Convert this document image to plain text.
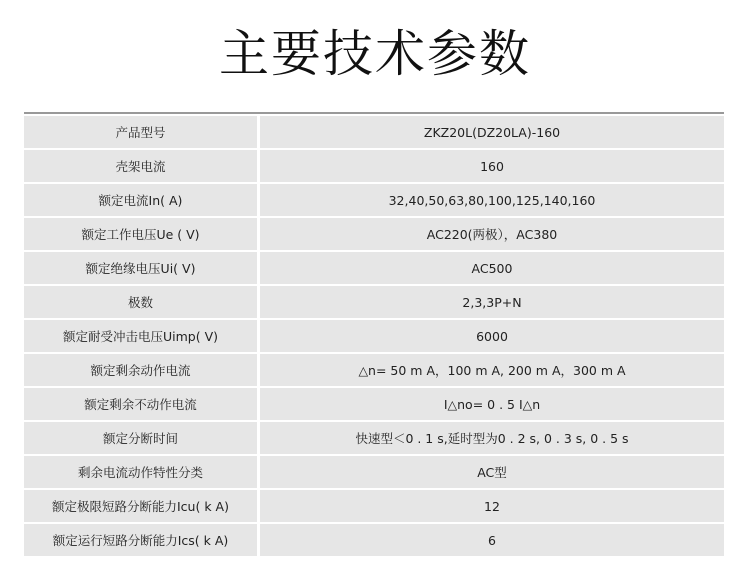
主要技术参数
产品型号	ZKZ20L(DZ20LA)-160
壳架电流	160
额定电流In( A)	32,40,50,63,80,100,125,140,160
额定工作电压Ue ( V)	AC220(两极），AC380
额定绝缘电压Ui( V)	AC500
极数	2,3,3P+N
额定耐受冲击电压Uimp( V)	6000
额定剩余动作电流	△n= 50 m A，100 m A, 200 m A，300 m A
额定剩余不动作电流	I△no= 0 . 5 I△n
额定分断时间	快速型＜0 . 1 s,延时型为0 . 2 s, 0 . 3 s, 0 . 5 s
剩余电流动作特性分类	AC型
额定极限短路分断能力Icu( k A)	12
额定运行短路分断能力Ics( k A)	6
